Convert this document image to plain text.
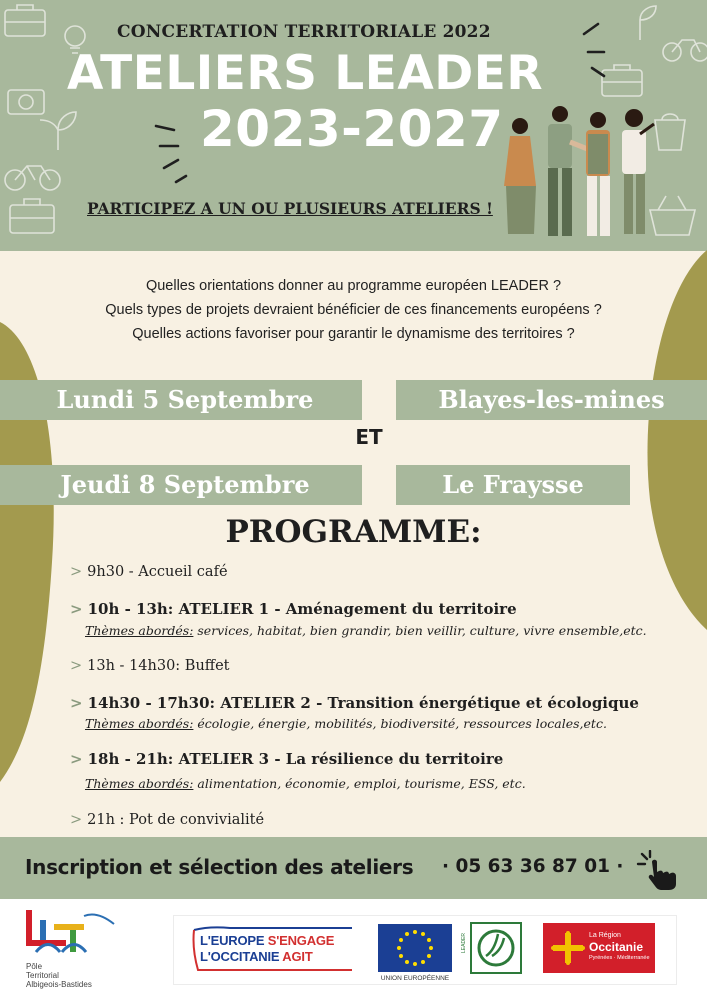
CONCERTATION TERRITORIALE 2022
ATELIERS LEADER
2023-2027
PARTICIPEZ A UN OU PLUSIEURS ATELIERS !
Quelles orientations donner au programme européen LEADER ?
Quels types de projets devraient bénéficier de ces financements européens ?
Quelles actions favoriser pour garantir le dynamisme des territoires ?
Lundi 5 Septembre	Blayes-les-mines
ET
Jeudi 8 Septembre	Le Fraysse
PROGRAMME:
> 9h30 - Accueil café
> 10h - 13h: ATELIER 1 - Aménagement du territoire
Thèmes abordés: services, habitat, bien grandir, bien veillir, culture, vivre ensemble,etc.
> 13h - 14h30: Buffet
> 14h30 - 17h30: ATELIER 2 - Transition énergétique et écologique
Thèmes abordés: écologie, énergie, mobilités, biodiversité, ressources locales,etc.
> 18h - 21h: ATELIER 3 - La résilience du territoire
Thèmes abordés: alimentation, économie, emploi, tourisme, ESS, etc.
> 21h : Pot de convivialité
Inscription et sélection des ateliers · 05 63 36 87 01 ·
Pôle
Territorial
Albigeois-Bastides
L'EUROPE S'ENGAGE
L'OCCITANIE AGIT
UNION EUROPÉENNE
LEADER	La Région
Occitanie
Pyrénées · Méditerranée
